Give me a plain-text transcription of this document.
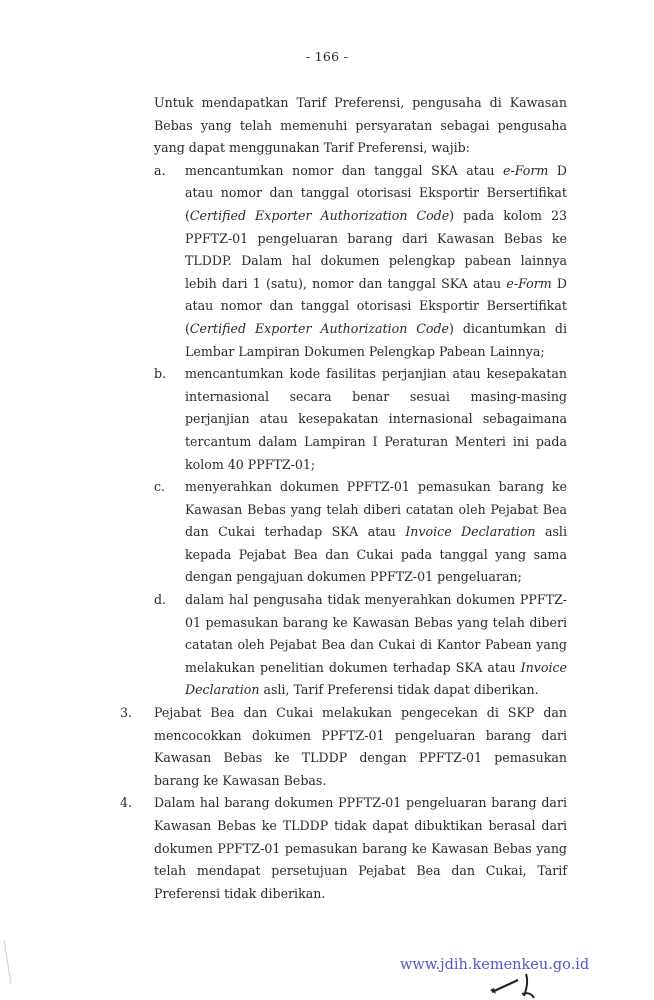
- 166 -
Untuk mendapatkan Tarif Preferensi, pengusaha di Kawasan Bebas yang telah memenuhi persyaratan sebagai pengusaha yang dapat menggunakan Tarif Preferensi, wajib:
a. mencantumkan nomor dan tanggal SKA atau e-Form D atau nomor dan tanggal otorisasi Eksportir Bersertifikat (Certified Exporter Authorization Code) pada kolom 23 PPFTZ-01 pengeluaran barang dari Kawasan Bebas ke TLDDP. Dalam hal dokumen pelengkap pabean lainnya lebih dari 1 (satu), nomor dan tanggal SKA atau e-Form D atau nomor dan tanggal otorisasi Eksportir Bersertifikat (Certified Exporter Authorization Code) dicantumkan di Lembar Lampiran Dokumen Pelengkap Pabean Lainnya;
b. mencantumkan kode fasilitas perjanjian atau kesepakatan internasional secara benar sesuai masing-masing perjanjian atau kesepakatan internasional sebagaimana tercantum dalam Lampiran I Peraturan Menteri ini pada kolom 40 PPFTZ-01;
c. menyerahkan dokumen PPFTZ-01 pemasukan barang ke Kawasan Bebas yang telah diberi catatan oleh Pejabat Bea dan Cukai terhadap SKA atau Invoice Declaration asli kepada Pejabat Bea dan Cukai pada tanggal yang sama dengan pengajuan dokumen PPFTZ-01 pengeluaran;
d. dalam hal pengusaha tidak menyerahkan dokumen PPFTZ-01 pemasukan barang ke Kawasan Bebas yang telah diberi catatan oleh Pejabat Bea dan Cukai di Kantor Pabean yang melakukan penelitian dokumen terhadap SKA atau Invoice Declaration asli, Tarif Preferensi tidak dapat diberikan.
3. Pejabat Bea dan Cukai melakukan pengecekan di SKP dan mencocokkan dokumen PPFTZ-01 pengeluaran barang dari Kawasan Bebas ke TLDDP dengan PPFTZ-01 pemasukan barang ke Kawasan Bebas.
4. Dalam hal barang dokumen PPFTZ-01 pengeluaran barang dari Kawasan Bebas ke TLDDP tidak dapat dibuktikan berasal dari dokumen PPFTZ-01 pemasukan barang ke Kawasan Bebas yang telah mendapat persetujuan Pejabat Bea dan Cukai, Tarif Preferensi tidak diberikan.
www.jdih.kemenkeu.go.id
